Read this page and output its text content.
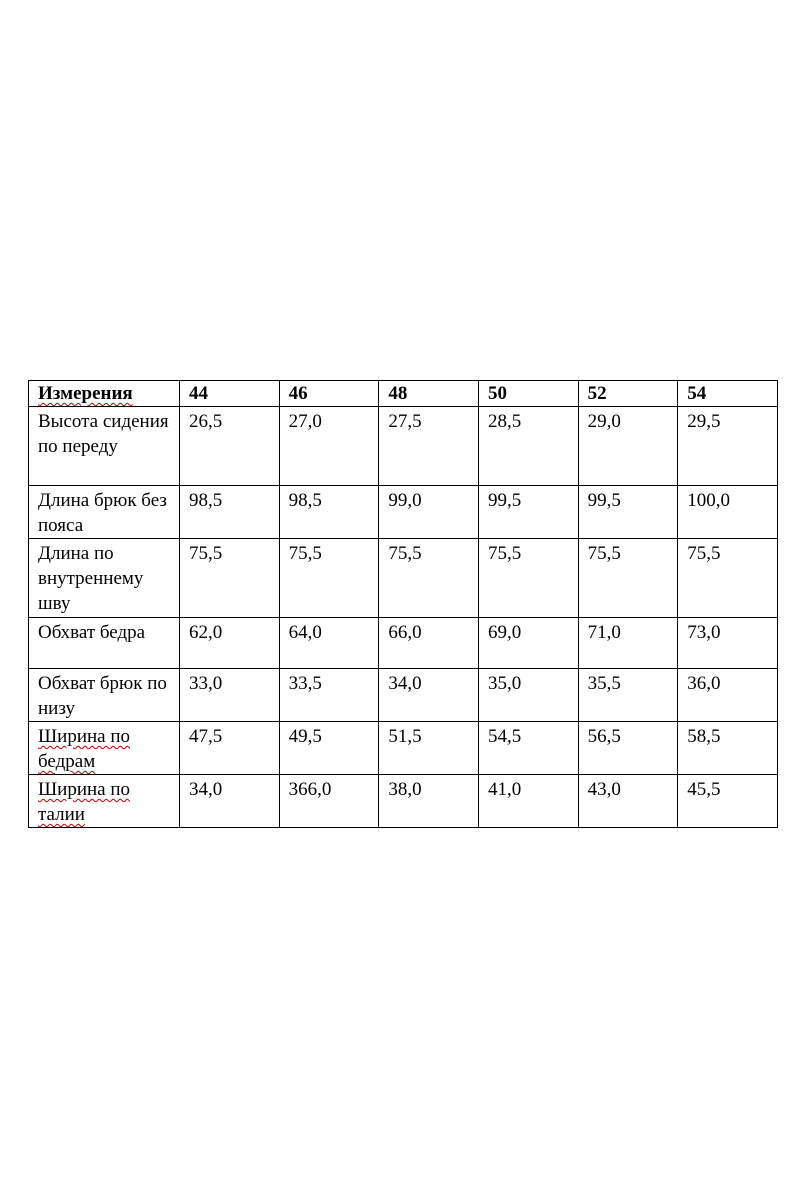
Измерения	44	46	48	50	52	54
Высота сидения по переду	26,5	27,0	27,5	28,5	29,0	29,5
Длина брюк без пояса	98,5	98,5	99,0	99,5	99,5	100,0
Длина по внутреннему шву	75,5	75,5	75,5	75,5	75,5	75,5
Обхват бедра	62,0	64,0	66,0	69,0	71,0	73,0
Обхват брюк по низу	33,0	33,5	34,0	35,0	35,5	36,0
Ширина по бедрам	47,5	49,5	51,5	54,5	56,5	58,5
Ширина по талии	34,0	366,0	38,0	41,0	43,0	45,5
